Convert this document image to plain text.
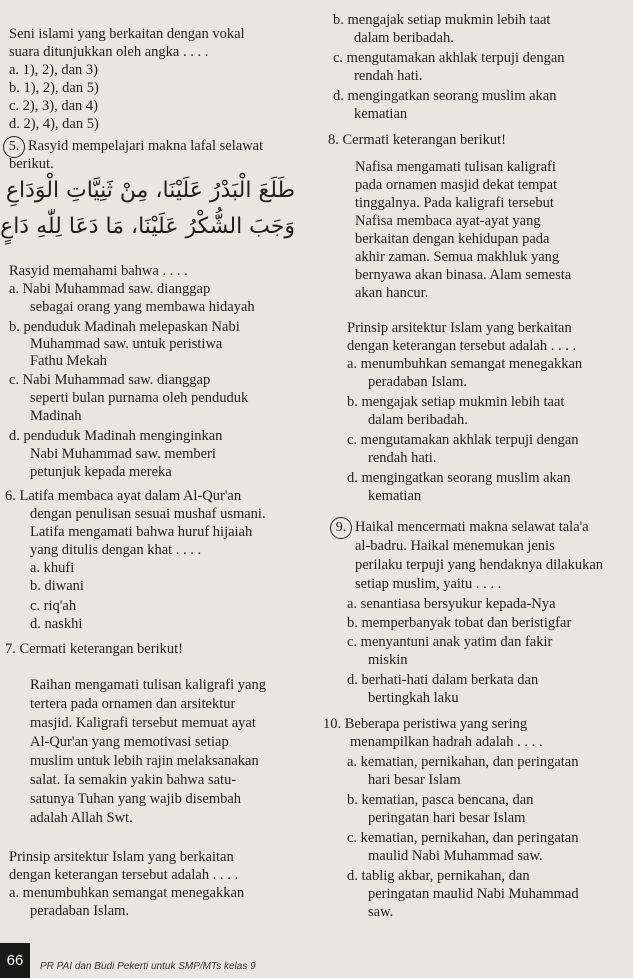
Seni islami yang berkaitan dengan vokal
suara ditunjukkan oleh angka . . . .
a. 1), 2), dan 3)
b. 1), 2), dan 5)
c. 2), 3), dan 4)
d. 2), 4), dan 5)
5. Rasyid mempelajari makna lafal selawat
berikut.
طَلَعَ الْبَدْرُ عَلَيْنَا، مِنْ ثَنِيَّاتِ الْوَدَاعِ
وَجَبَ الشُّكْرُ عَلَيْنَا، مَا دَعَا لِلّٰهِ دَاعٍ
Rasyid memahami bahwa . . . .
a. Nabi Muhammad saw. dianggap
sebagai orang yang membawa hidayah
b. penduduk Madinah melepaskan Nabi
Muhammad saw. untuk peristiwa
Fathu Mekah
c. Nabi Muhammad saw. dianggap
seperti bulan purnama oleh penduduk
Madinah
d. penduduk Madinah menginginkan
Nabi Muhammad saw. memberi
petunjuk kepada mereka
6. Latifa membaca ayat dalam Al-Qur'an
dengan penulisan sesuai mushaf usmani.
Latifa mengamati bahwa huruf hijaiah
yang ditulis dengan khat . . . .
a. khufi
b. diwani
c. riq'ah
d. naskhi
7. Cermati keterangan berikut!
Raihan mengamati tulisan kaligrafi yang
tertera pada ornamen dan arsitektur
masjid. Kaligrafi tersebut memuat ayat
Al-Qur'an yang memotivasi setiap
muslim untuk lebih rajin melaksanakan
salat. Ia semakin yakin bahwa satu-
satunya Tuhan yang wajib disembah
adalah Allah Swt.
Prinsip arsitektur Islam yang berkaitan
dengan keterangan tersebut adalah . . . .
a. menumbuhkan semangat menegakkan
peradaban Islam.
b. mengajak setiap mukmin lebih taat
dalam beribadah.
c. mengutamakan akhlak terpuji dengan
rendah hati.
d. mengingatkan seorang muslim akan
kematian
8. Cermati keterangan berikut!
Nafisa mengamati tulisan kaligrafi
pada ornamen masjid dekat tempat
tinggalnya. Pada kaligrafi tersebut
Nafisa membaca ayat-ayat yang
berkaitan dengan kehidupan pada
akhir zaman. Semua makhluk yang
bernyawa akan binasa. Alam semesta
akan hancur.
Prinsip arsitektur Islam yang berkaitan
dengan keterangan tersebut adalah . . . .
a. menumbuhkan semangat menegakkan
peradaban Islam.
b. mengajak setiap mukmin lebih taat
dalam beribadah.
c. mengutamakan akhlak terpuji dengan
rendah hati.
d. mengingatkan seorang muslim akan
kematian
9. Haikal mencermati makna selawat tala'a
al-badru. Haikal menemukan jenis
perilaku terpuji yang hendaknya dilakukan
setiap muslim, yaitu . . . .
a. senantiasa bersyukur kepada-Nya
b. memperbanyak tobat dan beristigfar
c. menyantuni anak yatim dan fakir
miskin
d. berhati-hati dalam berkata dan
bertingkah laku
10. Beberapa peristiwa yang sering
menampilkan hadrah adalah . . . .
a. kematian, pernikahan, dan peringatan
hari besar Islam
b. kematian, pasca bencana, dan
peringatan hari besar Islam
c. kematian, pernikahan, dan peringatan
maulid Nabi Muhammad saw.
d. tablig akbar, pernikahan, dan
peringatan maulid Nabi Muhammad
saw.
66	PR PAI dan Budi Pekerti untuk SMP/MTs kelas 9
